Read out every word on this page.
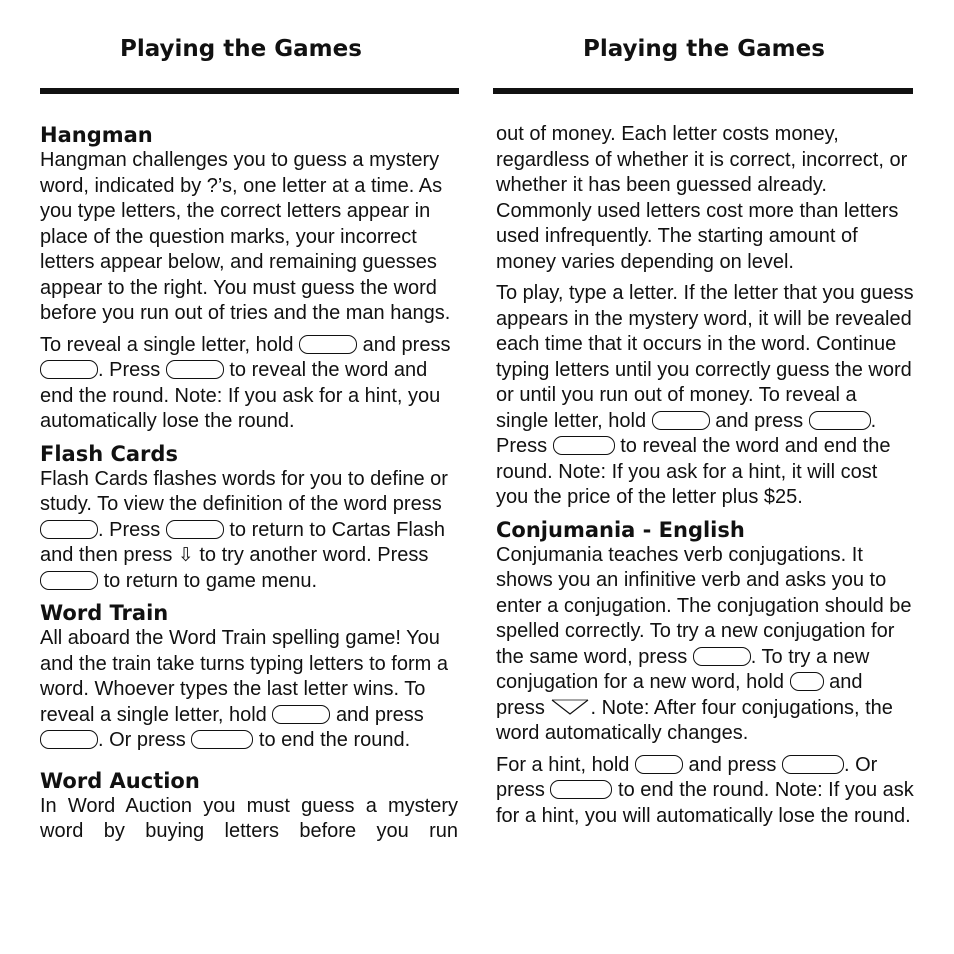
Playing the Games	Playing the Games
Hangman

Hangman challenges you to guess a mystery word, indicated by ?’s, one letter at a time. As you type letters, the correct letters appear in place of the question marks, your incorrect letters appear below, and remaining guesses appear to the right. You must guess the word before you run out of tries and the man hangs.

To reveal a single letter, hold	and press . Press	to reveal the word and end the round. Note: If you ask for a hint, you automatically lose the round.

Flash Cards

Flash Cards flashes words for you to define or study. To view the definition of the word press . Press	to return to Cartas Flash and then press ⇩ to try another word. Press  to return to game menu.

Word Train

All aboard the Word Train spelling game! You and the train take turns typing letters to form a word. Whoever types the last letter wins. To reveal a single letter, hold	and press . Or press	to end the round.

Word Auction

In Word Auction you must guess a mystery word by buying letters before you run

out of money. Each letter costs money, regardless of whether it is correct, incorrect, or whether it has been guessed already. Commonly used letters cost more than letters used infrequently. The starting amount of money varies depending on level.

To play, type a letter. If the letter that you guess appears in the mystery word, it will be revealed each time that it occurs in the word. Continue typing letters until you correctly guess the word or until you run out of money. To reveal a single letter, hold	and press	. Press	to reveal the word and end the round. Note: If you ask for a hint, it will cost you the price of the letter plus $25.

Conjumania - English

Conjumania teaches verb conjugations. It shows you an infinitive verb and asks you to enter a conjugation. The conjugation should be spelled correctly. To try a new conjugation for the same word, press	. To try a new conjugation for a new word, hold and press . Note: After four conjugations, the word automatically changes.

For a hint, hold	and press	. Or press	to end the round. Note: If you ask for a hint, you will automatically lose the round.
